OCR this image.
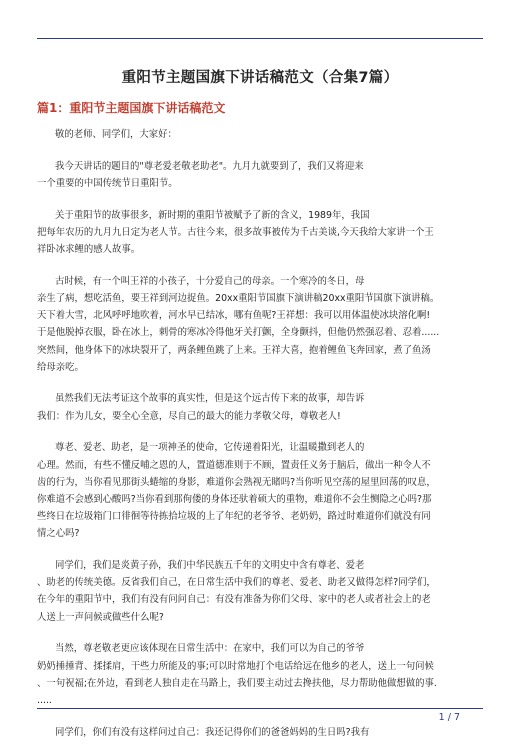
重阳节主题国旗下讲话稿范文（合集7篇）
篇1：重阳节主题国旗下讲话稿范文
敬的老师、同学们，大家好：
我今天讲话的题目的"尊老爱老敬老助老"。九月九就要到了，我们又将迎来
一个重要的中国传统节日重阳节。
关于重阳节的故事很多，新时期的重阳节被赋予了新的含义，1989年，我国
把每年农历的九月九日定为老人节。古往今来，很多故事被传为千古美谈,今天我给大家讲一个王
祥卧冰求鲤的感人故事。
古时候，有一个叫王祥的小孩子，十分爱自己的母亲。一个寒冷的冬日，母
亲生了病，想吃活鱼，要王祥到河边捉鱼。20xx重阳节国旗下演讲稿20xx重阳节国旗下演讲稿。
天下着大雪，北风呼呼地吹着，河水早已结冰，哪有鱼呢?王祥想：我可以用体温使冰块溶化啊!
于是他脱掉衣服，卧在冰上，刺骨的寒冰冷得他牙关打颤，全身颤抖，但他仍然强忍着、忍着......
突然间，他身体下的冰块裂开了，两条鲤鱼跳了上来。王祥大喜，抱着鲤鱼飞奔回家，煮了鱼汤
给母亲吃。
虽然我们无法考证这个故事的真实性，但是这个远古传下来的故事，却告诉
我们：作为儿女，要全心全意，尽自己的最大的能力孝敬父母，尊敬老人!
尊老、爱老、助老，是一项神圣的使命，它传递着阳光，让温暖撒到老人的
心理。然而，有些不懂反哺之恩的人，置道德准则于不顾，置责任义务于脑后，做出一种令人不
齿的行为，当你看见那街头蜷缩的身影，难道你会熟视无睹吗?当你听见空荡的屋里回荡的叹息，
你难道不会感到心酸吗?当你看到那佝偻的身体还驮着硕大的重物，难道你不会生恻隐之心吗?那
些终日在垃圾箱门口徘徊等待拣拾垃圾的上了年纪的老爷爷、老奶奶，路过时难道你们就没有同
情之心吗?
同学们，我们是炎黄子孙，我们中华民族五千年的文明史中含有尊老、爱老
、助老的传统美德。反省我们自己，在日常生活中我们的尊老、爱老、助老又做得怎样?同学们，
在今年的重阳节中，我们有没有问问自己：有没有准备为你们父母、家中的老人或者社会上的老
人送上一声问候或做些什么呢?
当然，尊老敬老更应该体现在日常生活中：在家中，我们可以为自己的爷爷
奶奶捶捶背、揉揉肩，干些力所能及的事;可以时常地打个电话给远在他乡的老人，送上一句问候
、一句祝福;在外边，看到老人独自走在马路上，我们要主动过去搀扶他，尽力帮助他做想做的事.
.....
同学们，你们有没有这样问过自己：我还记得你们的爸爸妈妈的生日吗?我有
1 / 7
